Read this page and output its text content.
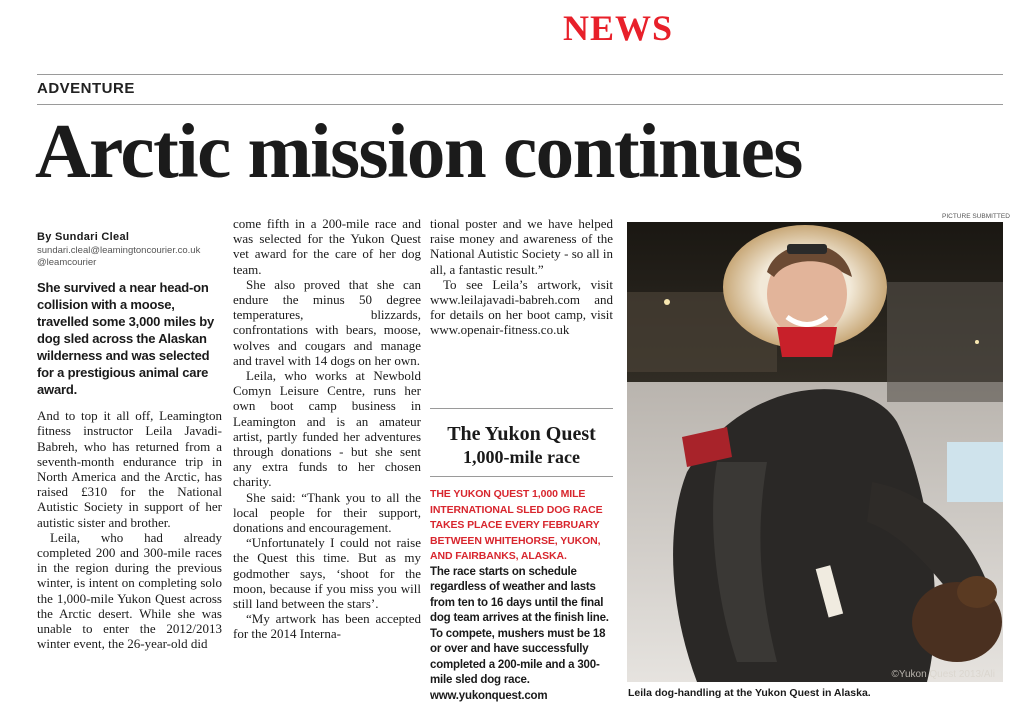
NEWS
ADVENTURE
Arctic mission continues
By Sundari Cleal
sundari.cleal@leamingtoncourier.co.uk
@leamcourier
She survived a near head-on collision with a moose, travelled some 3,000 miles by dog sled across the Alaskan wilderness and was selected for a prestigious animal care award.

And to top it all off, Leamington fitness instructor Leila Javadi-Babreh, who has returned from a seventh-month endurance trip in North America and the Arctic, has raised £310 for the National Autistic Society in support of her autistic sister and brother.

Leila, who had already completed 200 and 300-mile races in the region during the previous winter, is intent on completing solo the 1,000-mile Yukon Quest across the Arctic desert. While she was unable to enter the 2012/2013 winter event, the 26-year-old did

come fifth in a 200-mile race and was selected for the Yukon Quest vet award for the care of her dog team.

She also proved that she can endure the minus 50 degree temperatures, blizzards, confrontations with bears, moose, wolves and cougars and manage and travel with 14 dogs on her own.

Leila, who works at Newbold Comyn Leisure Centre, runs her own boot camp business in Leamington and is an amateur artist, partly funded her adventures through donations - but she sent any extra funds to her chosen charity.

She said: “Thank you to all the local people for their support, donations and encouragement.

“Unfortunately I could not raise the Quest this time. But as my godmother says, ‘shoot for the moon, because if you miss you will still land between the stars’.

“My artwork has been accepted for the 2014 Interna-

tional poster and we have helped raise money and awareness of the National Autistic Society - so all in all, a fantastic result.”

To see Leila’s artwork, visit www.leilajavadi-babreh.com and for details on her boot camp, visit www.openair-fitness.co.uk

The Yukon Quest
1,000-mile race
THE YUKON QUEST 1,000 MILE INTERNATIONAL SLED DOG RACE TAKES PLACE EVERY FEBRUARY BETWEEN WHITEHORSE, YUKON, AND FAIRBANKS, ALASKA.
The race starts on schedule regardless of weather and lasts from ten to 16 days until the final dog team arrives at the finish line. To compete, mushers must be 18 or over and have successfully completed a 200-mile and a 300-mile sled dog race. www.yukonquest.com
PICTURE SUBMITTED
©Yukon Quest 2013/Ali
Leila dog-handling at the Yukon Quest in Alaska.
